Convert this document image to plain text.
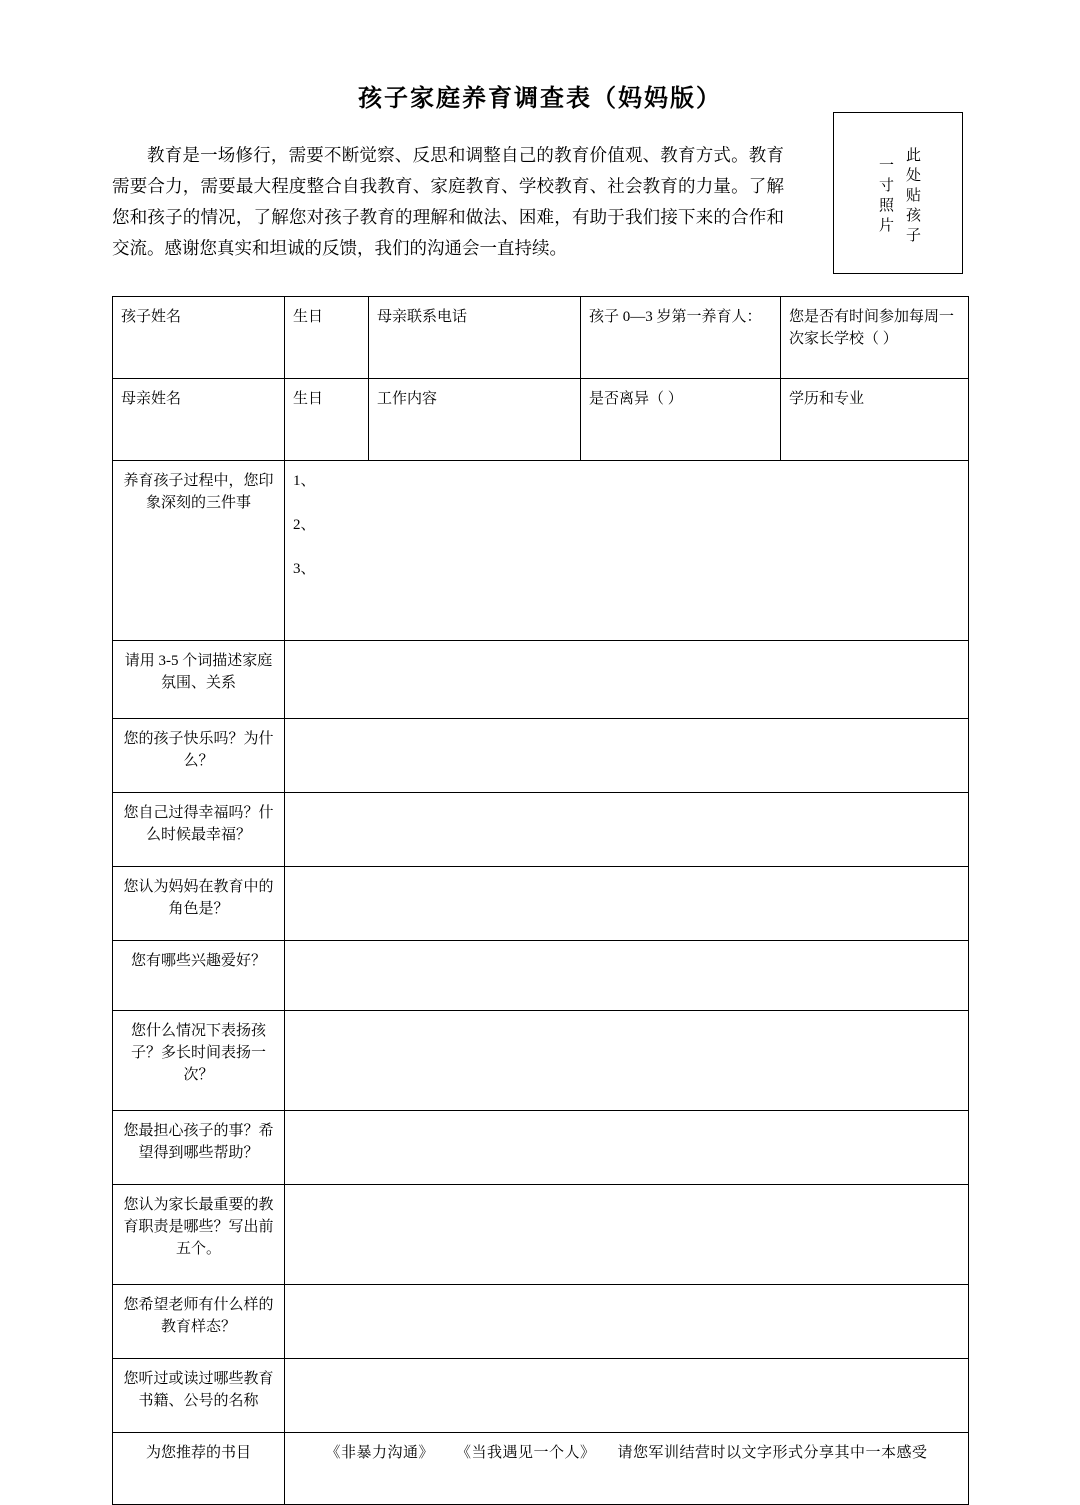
孩子家庭养育调查表（妈妈版）
教育是一场修行，需要不断觉察、反思和调整自己的教育价值观、教育方式。教育需要合力，需要最大程度整合自我教育、家庭教育、学校教育、社会教育的力量。了解您和孩子的情况，了解您对孩子教育的理解和做法、困难，有助于我们接下来的合作和交流。感谢您真实和坦诚的反馈，我们的沟通会一直持续。
此处贴孩子
一寸照片
孩子姓名	生日	母亲联系电话	孩子 0—3 岁第一养育人：	您是否有时间参加每周一次家长学校（ ）
母亲姓名	生日	工作内容	是否离异（ ）	学历和专业
养育孩子过程中，您印象深刻的三件事	1、
2、
3、			

请用 3-5 个词描述家庭氛围、关系				
您的孩子快乐吗？为什么？				
您自己过得幸福吗？什么时候最幸福？				
您认为妈妈在教育中的角色是？				
您有哪些兴趣爱好？				
您什么情况下表扬孩子？多长时间表扬一次？				
您最担心孩子的事？希望得到哪些帮助？				
您认为家长最重要的教育职责是哪些？写出前五个。				
您希望老师有什么样的教育样态？				
您听过或读过哪些教育书籍、公号的名称				
为您推荐的书目	《非暴力沟通》 《当我遇见一个人》 请您军训结营时以文字形式分享其中一本感受			
